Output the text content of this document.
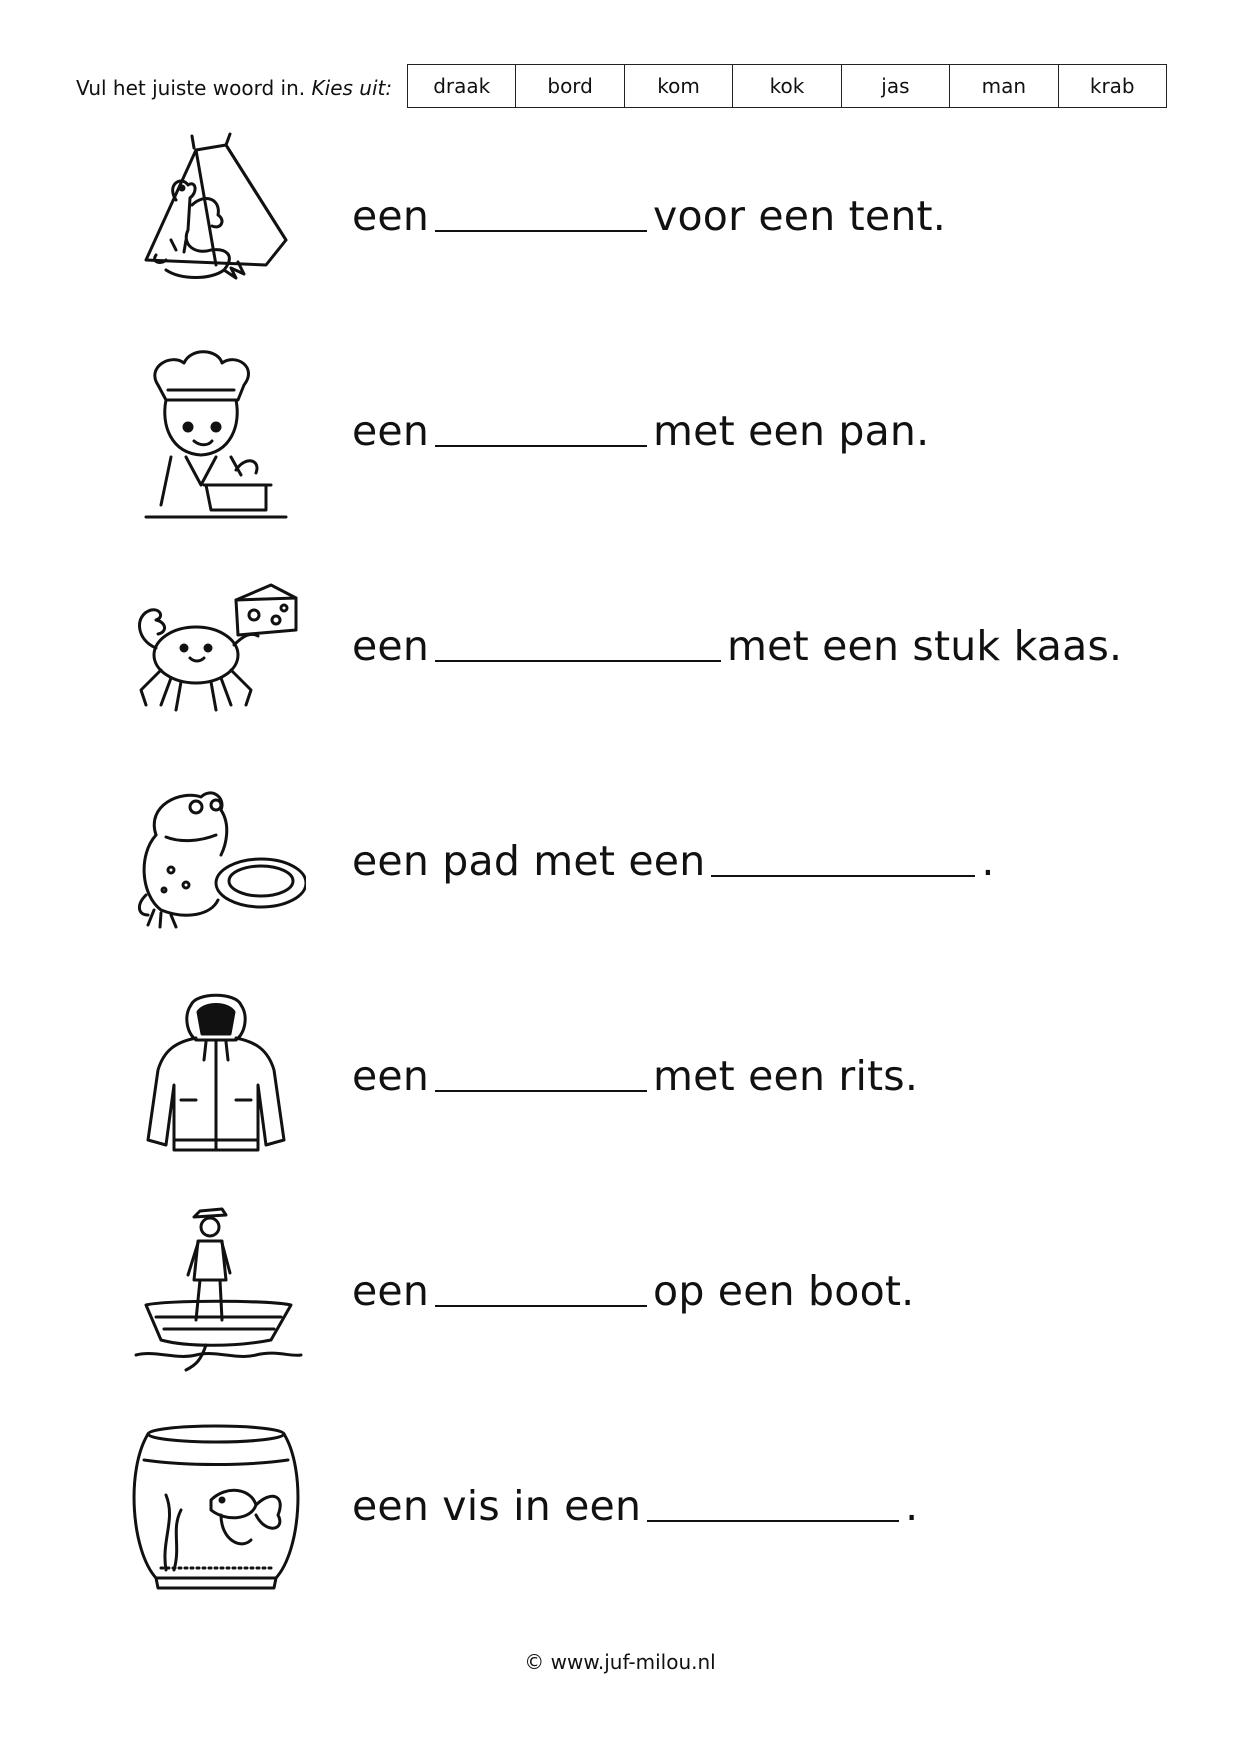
Vul het juiste woord in. Kies uit:	draak	bord	kom	kok	jas	man	krab
een	voor een tent.
een	met een pan.
een	met een stuk kaas.
een pad met een	.
een	met een rits.
een	op een boot.
een vis in een	.
© www.juf-milou.nl
